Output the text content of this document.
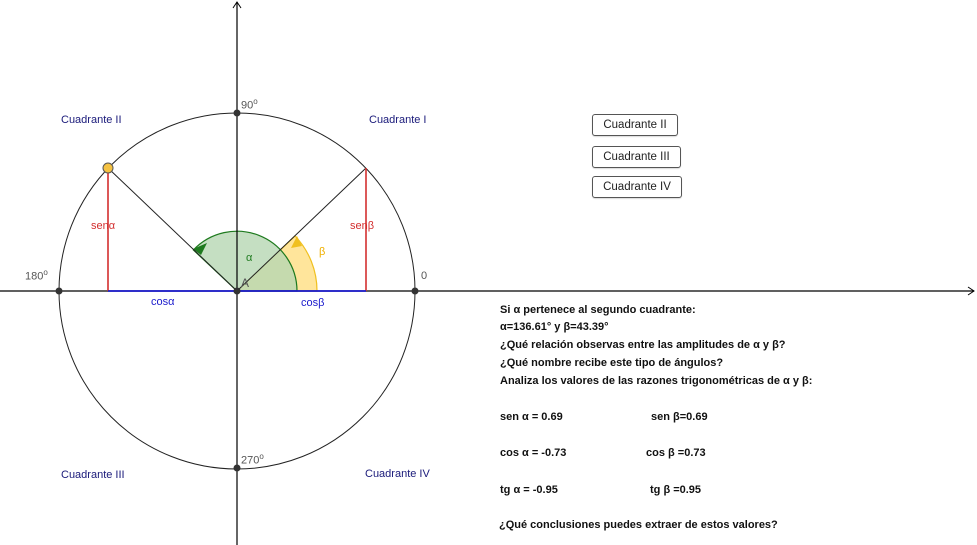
0
90$^o$
180$^o$
270$^o$
A
Cuadrante I
Cuadrante II
Cuadrante III	Cuadrante IV
α	β
senα	senβ
cosα	cosβ
Cuadrante II
Cuadrante III
Cuadrante IV
Si α pertenece al segundo cuadrante:
α=136.61° y β=43.39°
¿Qué relación observas entre las amplitudes de α y β?
¿Qué nombre recibe este tipo de ángulos?
Analiza los valores de las razones trigonométricas de α y β:
sen α = 0.69	sen β=0.69
cos α = -0.73	cos β =0.73
tg α = -0.95	tg β =0.95
¿Qué conclusiones puedes extraer de estos valores?
